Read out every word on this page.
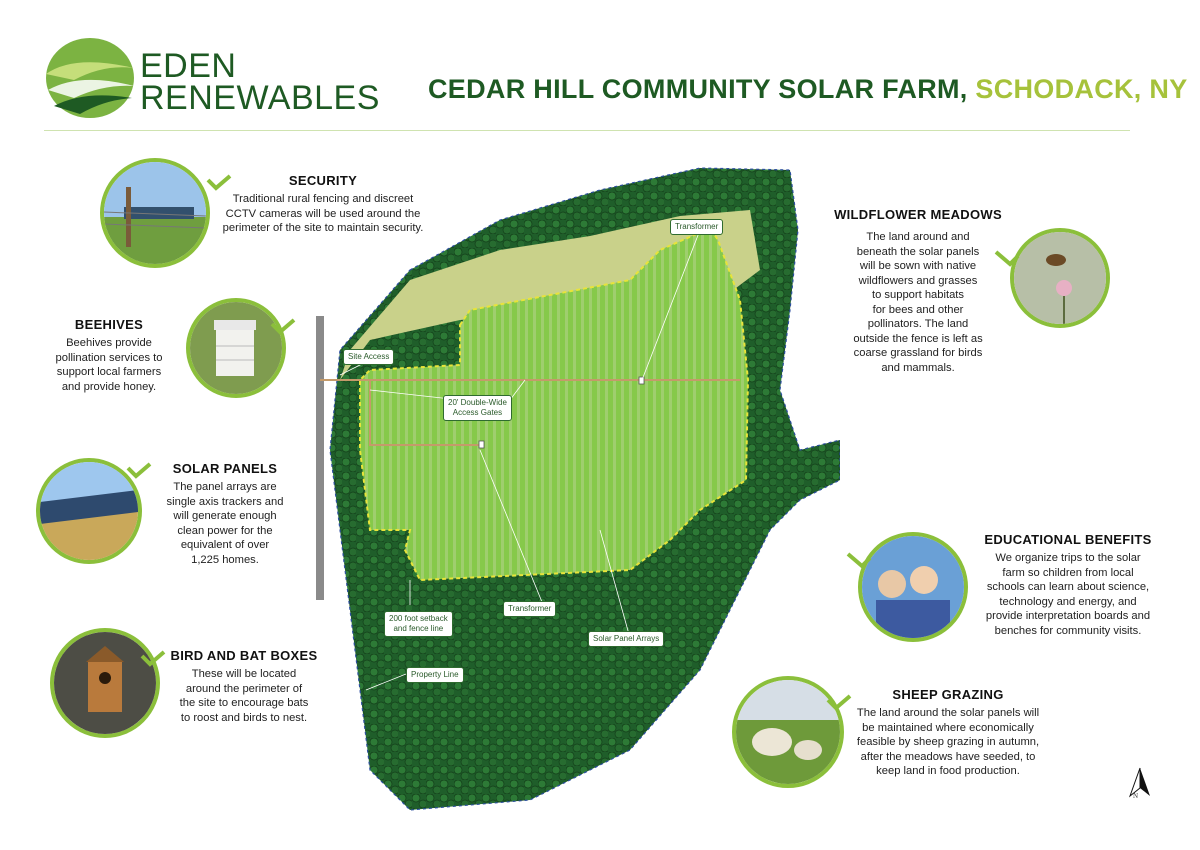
EDEN
RENEWABLES CEDAR HILL COMMUNITY SOLAR FARM, SCHODACK, NY
SECURITY

Traditional rural fencing and discreet
CCTV cameras will be used around the
perimeter of the site to maintain security.

BEEHIVES

Beehives provide
pollination services to
support local farmers
and provide honey.

SOLAR PANELS

The panel arrays are
single axis trackers and
will generate enough
clean power for the
equivalent of over
1,225 homes.

BIRD AND BAT BOXES

These will be located
around the perimeter of
the site to encourage bats
to roost and birds to nest.

WILDFLOWER MEADOWS

The land around and
beneath the solar panels
will be sown with native
wildflowers and grasses
to support habitats
for bees and other
pollinators. The land
outside the fence is left as
coarse grassland for birds
and mammals.

EDUCATIONAL BENEFITS

We organize trips to the solar
farm so children from local
schools can learn about science,
technology and energy, and
provide interpretation boards and
benches for community visits.

SHEEP GRAZING

The land around the solar panels will
be maintained where economically
feasible by sheep grazing in autumn,
after the meadows have seeded, to
keep land in food production.

Transformer
Site Access
20' Double-Wide
Access Gates
Transformer
200 foot setback
and fence line
Solar Panel Arrays
Property Line
N
